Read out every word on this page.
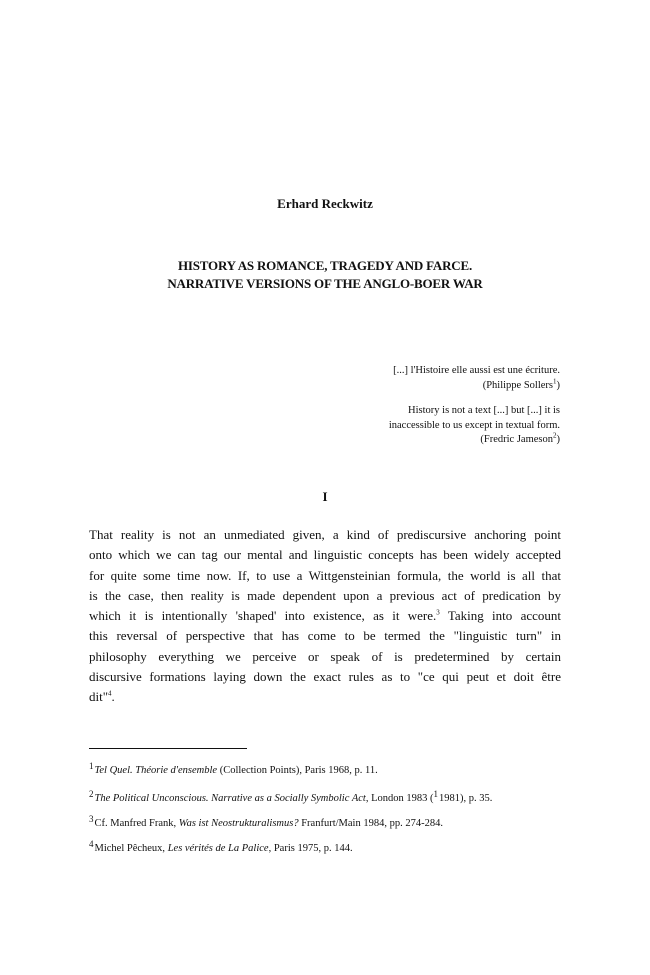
Erhard Reckwitz
HISTORY AS ROMANCE, TRAGEDY AND FARCE.
NARRATIVE VERSIONS OF THE ANGLO-BOER WAR
[...] l'Histoire elle aussi est une écriture.
(Philippe Sollers$^1$)
History is not a text [...] but [...] it is
inaccessible to us except in textual form.
(Fredric Jameson$^2$)
I
That reality is not an unmediated given, a kind of prediscursive anchoring point
onto which we can tag our mental and linguistic concepts has been widely accepted
for quite some time now. If, to use a Wittgensteinian formula, the world is all that
is the case, then reality is made dependent upon a previous act of predication by
which it is intentionally 'shaped' into existence, as it were.$^3$ Taking into account
this reversal of perspective that has come to be termed the "linguistic turn" in
philosophy everything we perceive or speak of is predetermined by certain
discursive formations laying down the exact rules as to "ce qui peut et doit être
dit"$^4$.
1Tel Quel. Théorie d'ensemble (Collection Points), Paris 1968, p. 11.
2The Political Unconscious. Narrative as a Socially Symbolic Act, London 1983 (11981), p. 35.
3Cf. Manfred Frank, Was ist Neostrukturalismus? Franfurt/Main 1984, pp. 274-284.
4Michel Pêcheux, Les vérités de La Palice, Paris 1975, p. 144.
